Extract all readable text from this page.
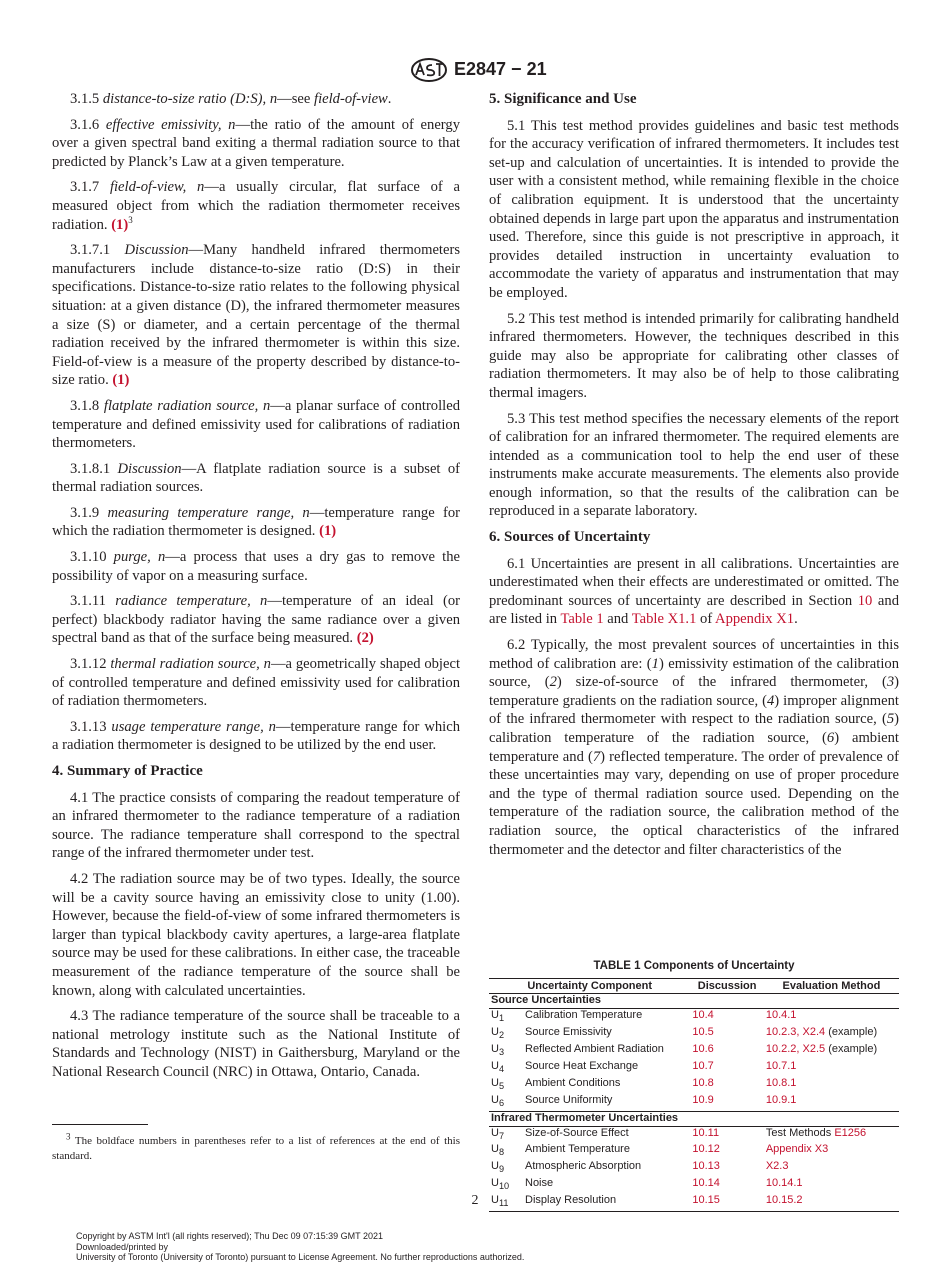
E2847 − 21

3.1.5 distance-to-size ratio (D:S), n—see field-of-view.

3.1.6 effective emissivity, n—the ratio of the amount of energy over a given spectral band exiting a thermal radiation source to that predicted by Planck’s Law at a given temperature.

3.1.7 field-of-view, n—a usually circular, flat surface of a measured object from which the radiation thermometer receives radiation. $(1)^3$

3.1.7.1 Discussion—Many handheld infrared thermometers manufacturers include distance-to-size ratio (D:S) in their specifications. Distance-to-size ratio relates to the following physical situation: at a given distance (D), the infrared thermometer measures a size (S) or diameter, and a certain percentage of the thermal radiation received by the infrared thermometer is within this size. Field-of-view is a measure of the property described by distance-to-size ratio. (1)

3.1.8 flatplate radiation source, n—a planar surface of controlled temperature and defined emissivity used for calibrations of radiation thermometers.

3.1.8.1 Discussion—A flatplate radiation source is a subset of thermal radiation sources.

3.1.9 measuring temperature range, n—temperature range for which the radiation thermometer is designed. (1)

3.1.10 purge, n—a process that uses a dry gas to remove the possibility of vapor on a measuring surface.

3.1.11 radiance temperature, n—temperature of an ideal (or perfect) blackbody radiator having the same radiance over a given spectral band as that of the surface being measured. (2)

3.1.12 thermal radiation source, n—a geometrically shaped object of controlled temperature and defined emissivity used for calibration of radiation thermometers.

3.1.13 usage temperature range, n—temperature range for which a radiation thermometer is designed to be utilized by the end user.

4. Summary of Practice

4.1 The practice consists of comparing the readout temperature of an infrared thermometer to the radiance temperature of a radiation source. The radiance temperature shall correspond to the spectral range of the infrared thermometer under test.

4.2 The radiation source may be of two types. Ideally, the source will be a cavity source having an emissivity close to unity (1.00). However, because the field-of-view of some infrared thermometers is larger than typical blackbody cavity apertures, a large-area flatplate source may be used for these calibrations. In either case, the traceable measurement of the radiance temperature of the source shall be known, along with calculated uncertainties.

4.3 The radiance temperature of the source shall be traceable to a national metrology institute such as the National Institute of Standards and Technology (NIST) in Gaithersburg, Maryland or the National Research Council (NRC) in Ottawa, Ontario, Canada.

$^3$ The boldface numbers in parentheses refer to a list of references at the end of this standard.

5. Significance and Use

5.1 This test method provides guidelines and basic test methods for the accuracy verification of infrared thermometers. It includes test set-up and calculation of uncertainties. It is intended to provide the user with a consistent method, while remaining flexible in the choice of calibration equipment. It is understood that the uncertainty obtained depends in large part upon the apparatus and instrumentation used. Therefore, since this guide is not prescriptive in approach, it provides detailed instruction in uncertainty evaluation to accommodate the variety of apparatus and instrumentation that may be employed.

5.2 This test method is intended primarily for calibrating handheld infrared thermometers. However, the techniques described in this guide may also be appropriate for calibrating other classes of radiation thermometers. It may also be of help to those calibrating thermal imagers.

5.3 This test method specifies the necessary elements of the report of calibration for an infrared thermometer. The required elements are intended as a communication tool to help the end user of these instruments make accurate measurements. The elements also provide enough information, so that the results of the calibration can be reproduced in a separate laboratory.

6. Sources of Uncertainty

6.1 Uncertainties are present in all calibrations. Uncertainties are underestimated when their effects are underestimated or omitted. The predominant sources of uncertainty are described in Section 10 and are listed in Table 1 and Table X1.1 of Appendix X1.

6.2 Typically, the most prevalent sources of uncertainties in this method of calibration are: (1) emissivity estimation of the calibration source, (2) size-of-source of the infrared thermometer, (3) temperature gradients on the radiation source, (4) improper alignment of the infrared thermometer with respect to the radiation source, (5) calibration temperature of the radiation source, (6) ambient temperature and (7) reflected temperature. The order of prevalence of these uncertainties may vary, depending on use of proper procedure and the type of thermal radiation source used. Depending on the temperature of the radiation source, the calibration method of the radiation source, the optical characteristics of the infrared thermometer and the detector and filter characteristics of the

TABLE 1 Components of Uncertainty
Uncertainty Component		Discussion	Evaluation Method
Source Uncertainties			
$U_1$	Calibration Temperature	10.4	10.4.1
$U_2$	Source Emissivity	10.5	10.2.3, X2.4 (example)
$U_3$	Reflected Ambient Radiation	10.6	10.2.2, X2.5 (example)
$U_4$	Source Heat Exchange	10.7	10.7.1
$U_5$	Ambient Conditions	10.8	10.8.1
$U_6$	Source Uniformity	10.9	10.9.1
Infrared Thermometer Uncertainties			
$U_7$	Size-of-Source Effect	10.11	Test Methods E1256
$U_8$	Ambient Temperature	10.12	Appendix X3
$U_9$	Atmospheric Absorption	10.13	X2.3
$U_{10}$	Noise	10.14	10.14.1
$U_{11}$	Display Resolution	10.15	10.15.2
2
Copyright by ASTM Int'l (all rights reserved); Thu Dec 09 07:15:39 GMT 2021
Downloaded/printed by
University of Toronto (University of Toronto) pursuant to License Agreement. No further reproductions authorized.
